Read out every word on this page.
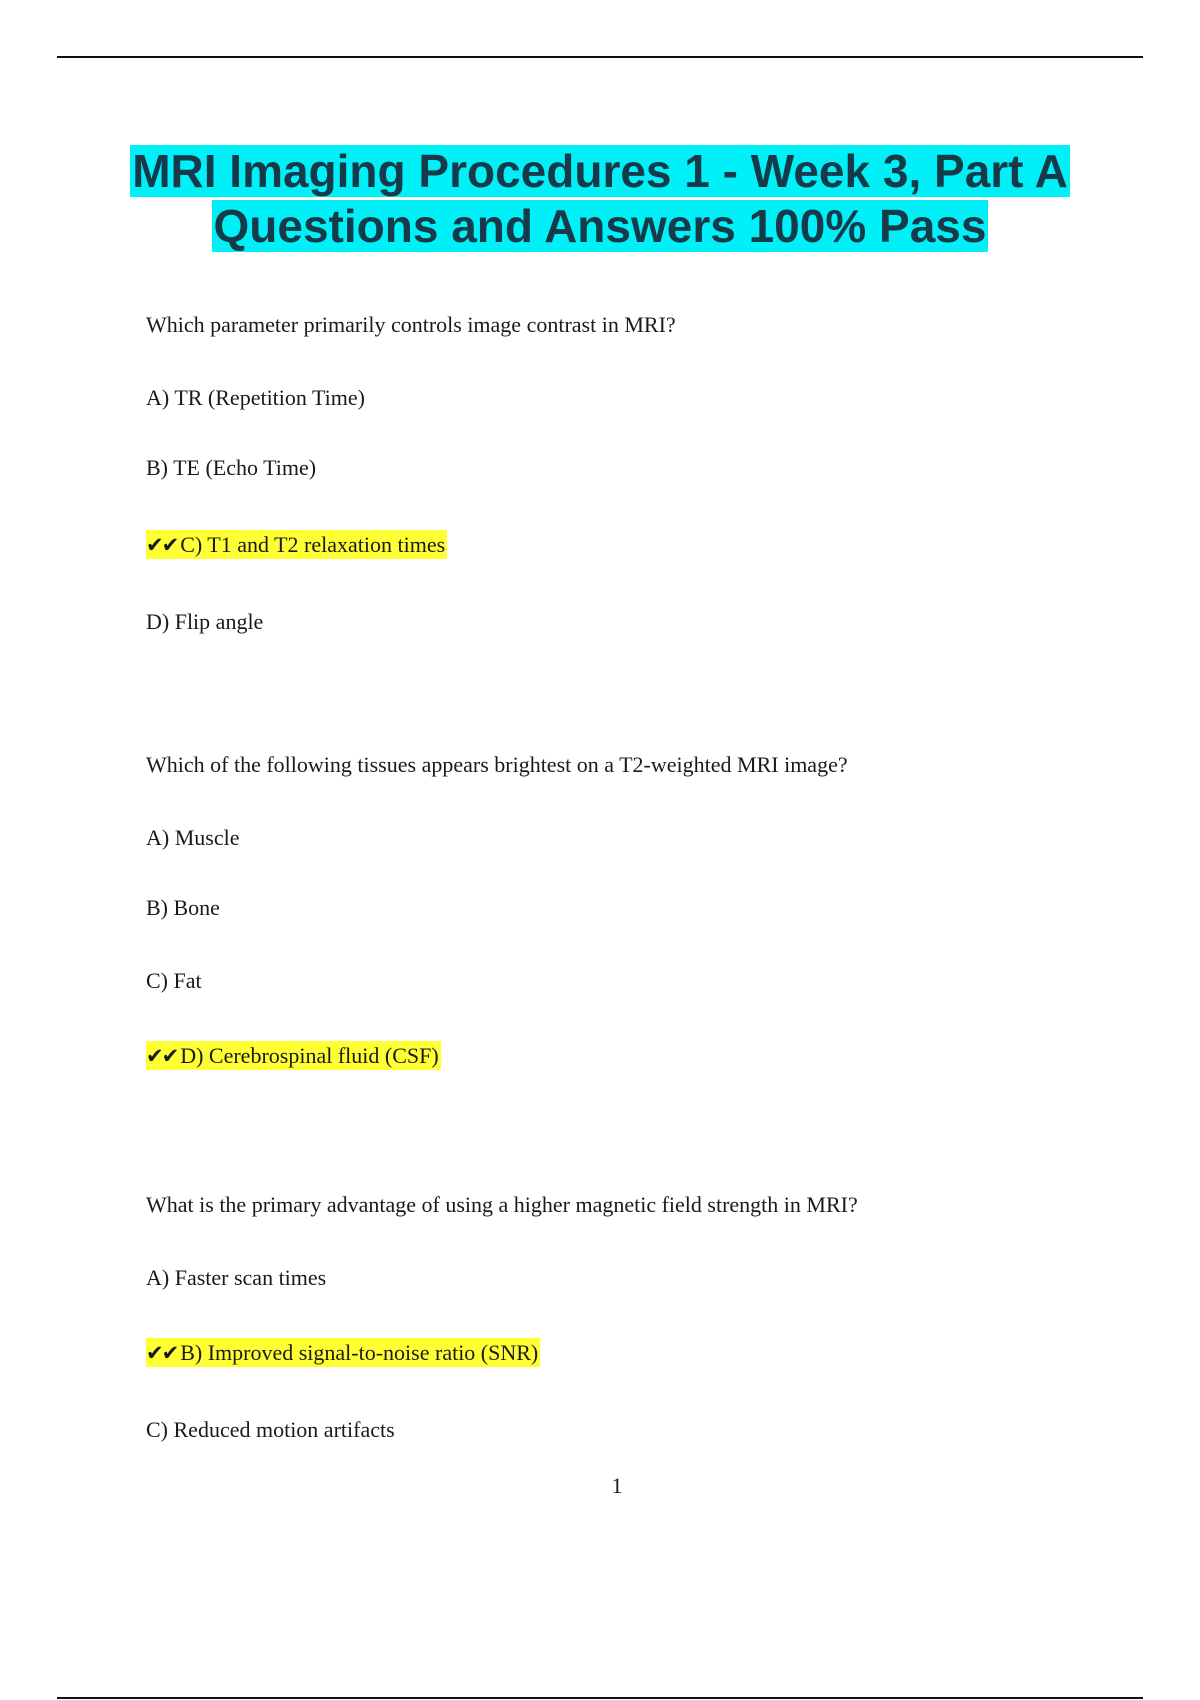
MRI Imaging Procedures 1 - Week 3, Part A Questions and Answers 100% Pass
Which parameter primarily controls image contrast in MRI?
A) TR (Repetition Time)
B) TE (Echo Time)
✔✔ C) T1 and T2 relaxation times
D) Flip angle
Which of the following tissues appears brightest on a T2-weighted MRI image?
A) Muscle
B) Bone
C) Fat
✔✔ D) Cerebrospinal fluid (CSF)
What is the primary advantage of using a higher magnetic field strength in MRI?
A) Faster scan times
✔✔ B) Improved signal-to-noise ratio (SNR)
C) Reduced motion artifacts
1
